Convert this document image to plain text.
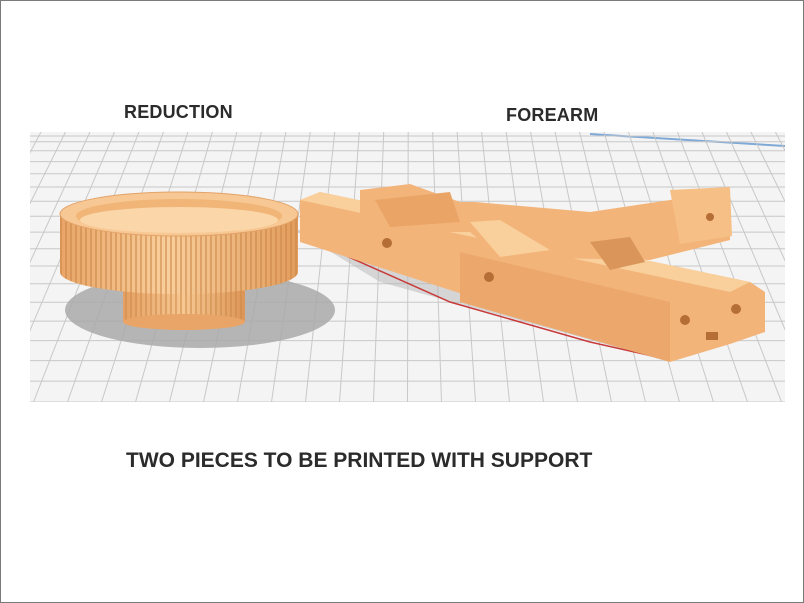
REDUCTION	FOREARM
TWO PIECES TO BE PRINTED WITH SUPPORT
